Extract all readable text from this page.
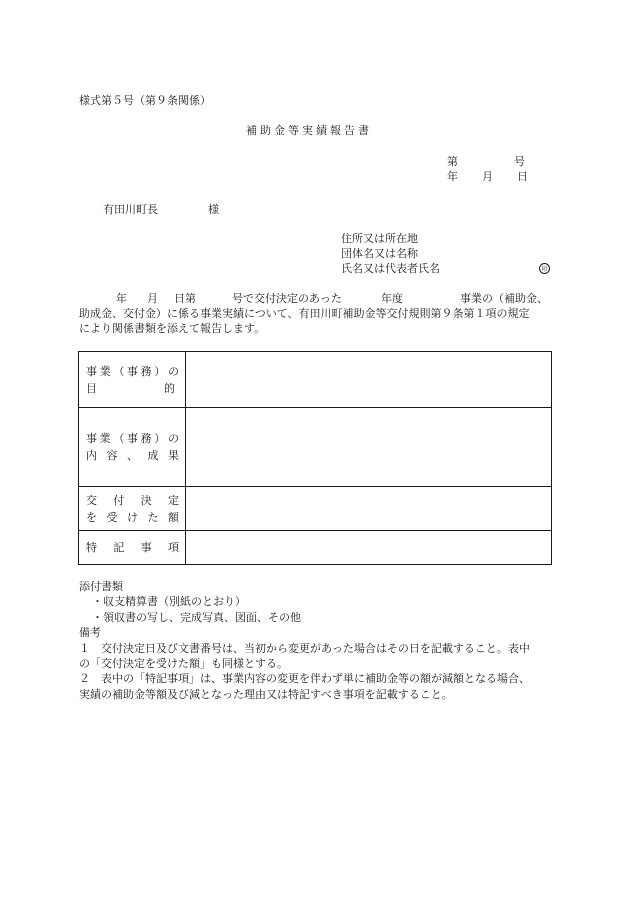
様式第５号（第９条関係）
補助金等実績報告書
第	号
年 月 日
有田川町長	様
住所又は所在地
団体名又は名称
氏名又は代表者氏名	印
年 月 日第	号で交付決定のあった	年度	事業の（補助金、
助成金、交付金）に係る事業実績について、有田川町補助金等交付規則第９条第１項の規定
により関係書類を添えて報告します。
事業（事務）の
目 的	

事業（事務）の
内容、成果	

交付決定
を受けた額	

特記事項	

添付書類
・収支精算書（別紙のとおり）
・領収書の写し、完成写真、図面、その他
備考
１　交付決定日及び文書番号は、当初から変更があった場合はその日を記載すること。表中
の「交付決定を受けた額」も同様とする。
２　表中の「特記事項」は、事業内容の変更を伴わず単に補助金等の額が減額となる場合、
実績の補助金等額及び減となった理由又は特記すべき事項を記載すること。
